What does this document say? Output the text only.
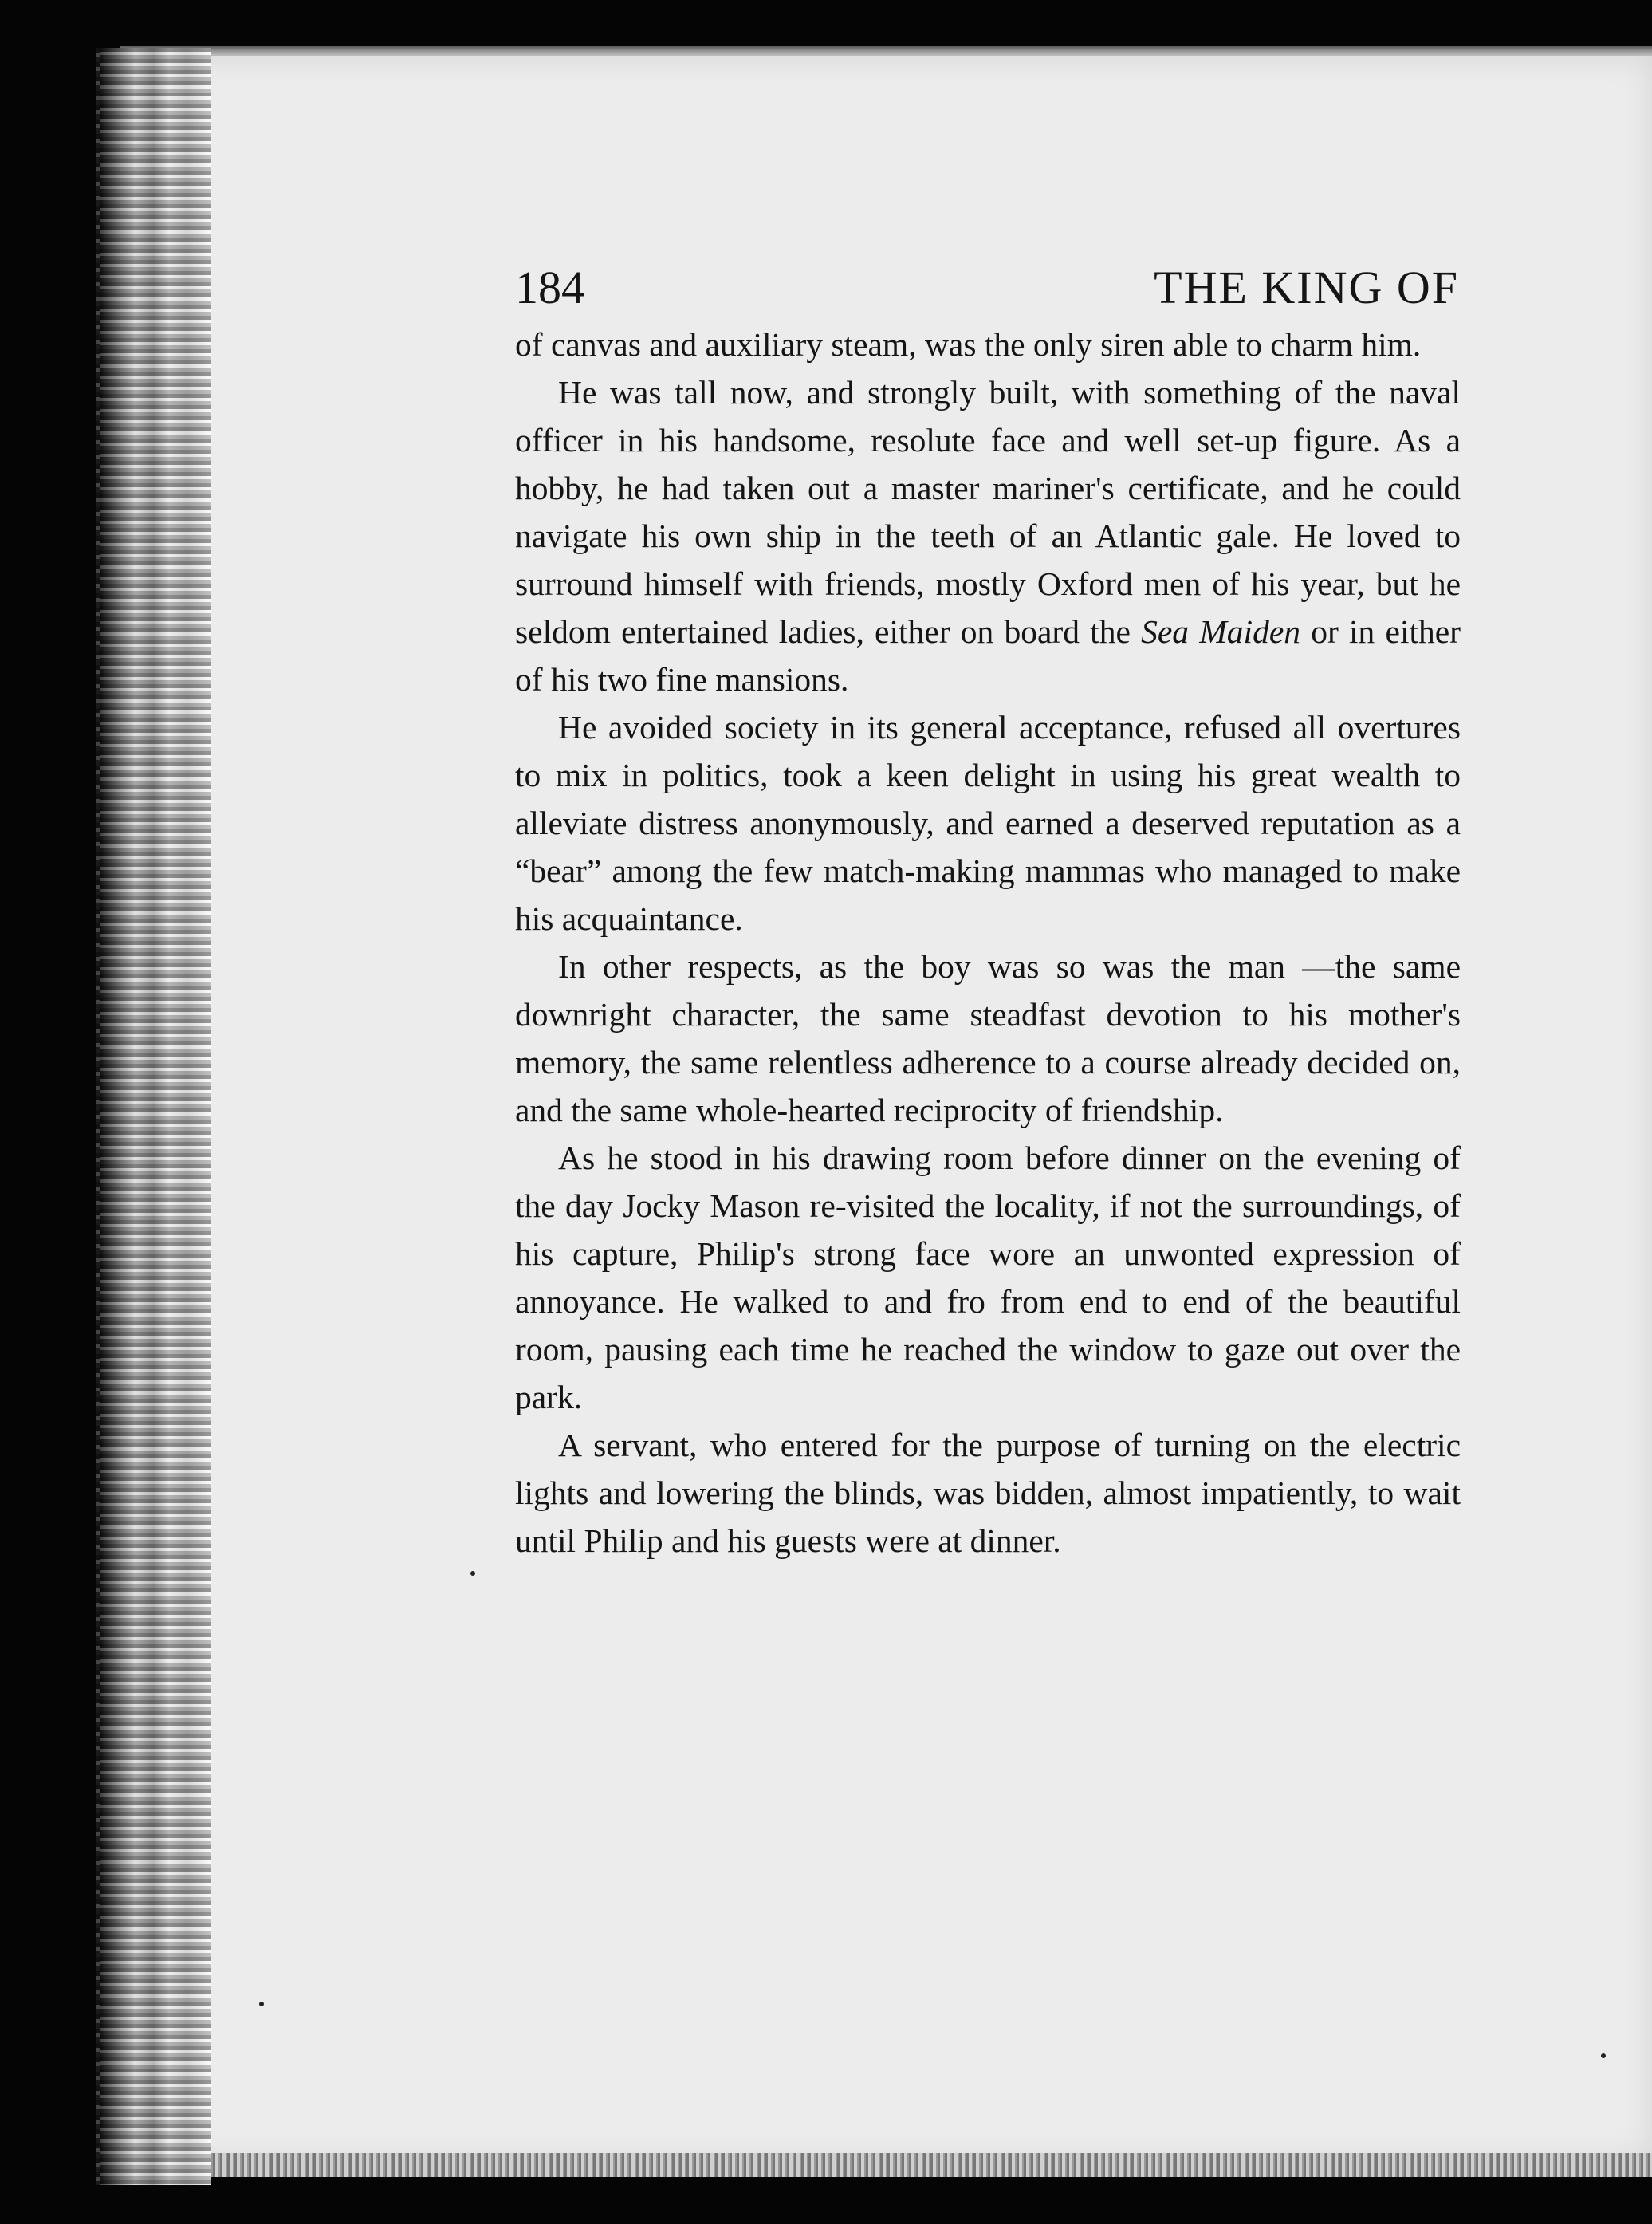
184	THE KING OF

of canvas and auxiliary steam, was the only siren able to charm him.

He was tall now, and strongly built, with something of the naval officer in his handsome, resolute face and well set-up figure. As a hobby, he had taken out a master mariner's certificate, and he could navigate his own ship in the teeth of an Atlantic gale. He loved to surround himself with friends, mostly Oxford men of his year, but he seldom entertained ladies, either on board the Sea Maiden or in either of his two fine mansions.

He avoided society in its general acceptance, refused all overtures to mix in politics, took a keen delight in using his great wealth to alleviate distress anonymously, and earned a deserved reputation as a “bear” among the few match-making mammas who managed to make his acquaintance.

In other respects, as the boy was so was the man —the same downright character, the same steadfast devotion to his mother's memory, the same relentless adherence to a course already decided on, and the same whole-hearted reciprocity of friendship.

As he stood in his drawing room before dinner on the evening of the day Jocky Mason re-visited the locality, if not the surroundings, of his capture, Philip's strong face wore an unwonted expression of annoyance. He walked to and fro from end to end of the beautiful room, pausing each time he reached the window to gaze out over the park.

A servant, who entered for the purpose of turning on the electric lights and lowering the blinds, was bidden, almost impatiently, to wait until Philip and his guests were at dinner.
